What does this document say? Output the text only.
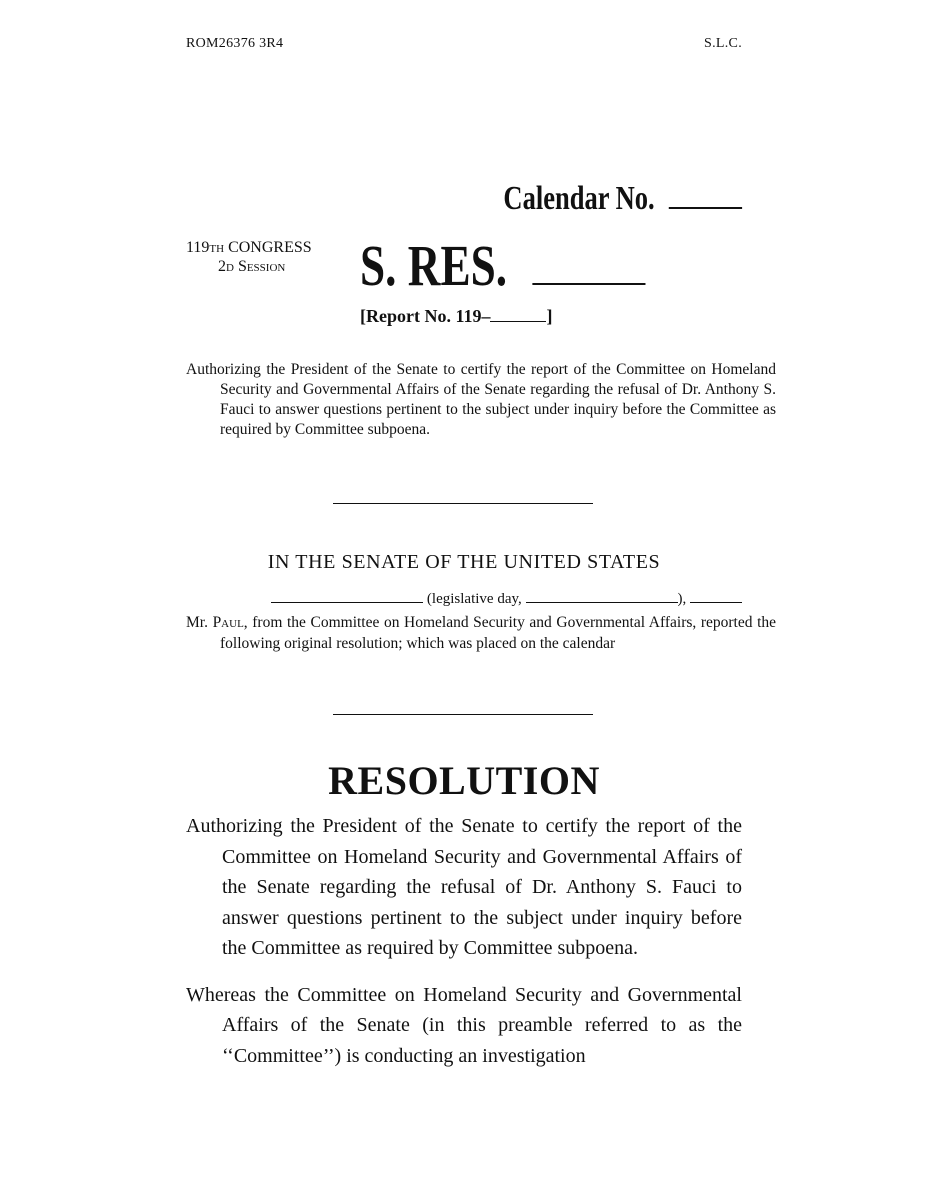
ROM26376 3R4	S.L.C.
Calendar No.
119th CONGRESS
2d Session	S. RES.
[Report No. 119–	]

Authorizing the President of the Senate to certify the report of the Committee on Homeland Security and Governmental Affairs of the Senate regarding the refusal of Dr. Anthony S. Fauci to answer questions pertinent to the subject under inquiry before the Committee as required by Committee subpoena.

IN THE SENATE OF THE UNITED STATES
(legislative day,	),

Mr. Paul, from the Committee on Homeland Security and Governmental Affairs, reported the following original resolution; which was placed on the calendar

RESOLUTION

Authorizing the President of the Senate to certify the report of the Committee on Homeland Security and Governmental Affairs of the Senate regarding the refusal of Dr. Anthony S. Fauci to answer questions pertinent to the subject under inquiry before the Committee as required by Committee subpoena.

Whereas the Committee on Homeland Security and Governmental Affairs of the Senate (in this preamble referred to as the ‘‘Committee’’) is conducting an investigation
